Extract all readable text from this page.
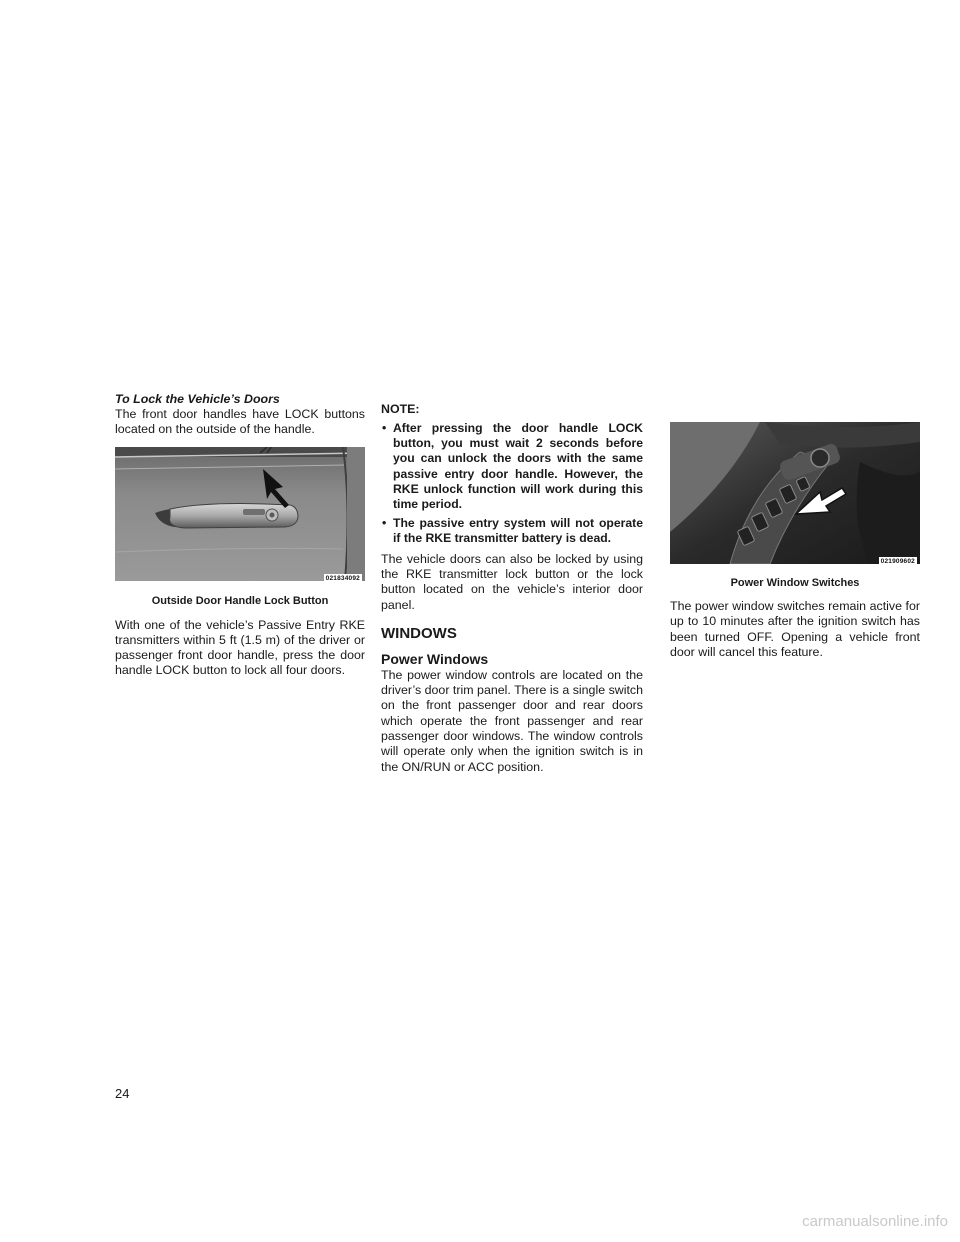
To Lock the Vehicle’s Doors

The front door handles have LOCK buttons located on the outside of the handle.

021834092
Outside Door Handle Lock Button

With one of the vehicle’s Passive Entry RKE transmitters within 5 ft (1.5 m) of the driver or passenger front door handle, press the door handle LOCK button to lock all four doors.

NOTE:
• After pressing the door handle LOCK button, you must wait 2 seconds before you can unlock the doors with the same passive entry door handle. However, the RKE unlock function will work during this time period.
• The passive entry system will not operate if the RKE transmitter battery is dead.

The vehicle doors can also be locked by using the RKE transmitter lock button or the lock button located on the vehicle’s interior door panel.

WINDOWS
Power Windows

The power window controls are located on the driver’s door trim panel. There is a single switch on the front passenger door and rear doors which operate the front passenger and rear passenger door windows. The window controls will operate only when the ignition switch is in the ON/RUN or ACC position.

021909602
Power Window Switches

The power window switches remain active for up to 10 minutes after the ignition switch has been turned OFF. Opening a vehicle front door will cancel this feature.

24
carmanualsonline.info
